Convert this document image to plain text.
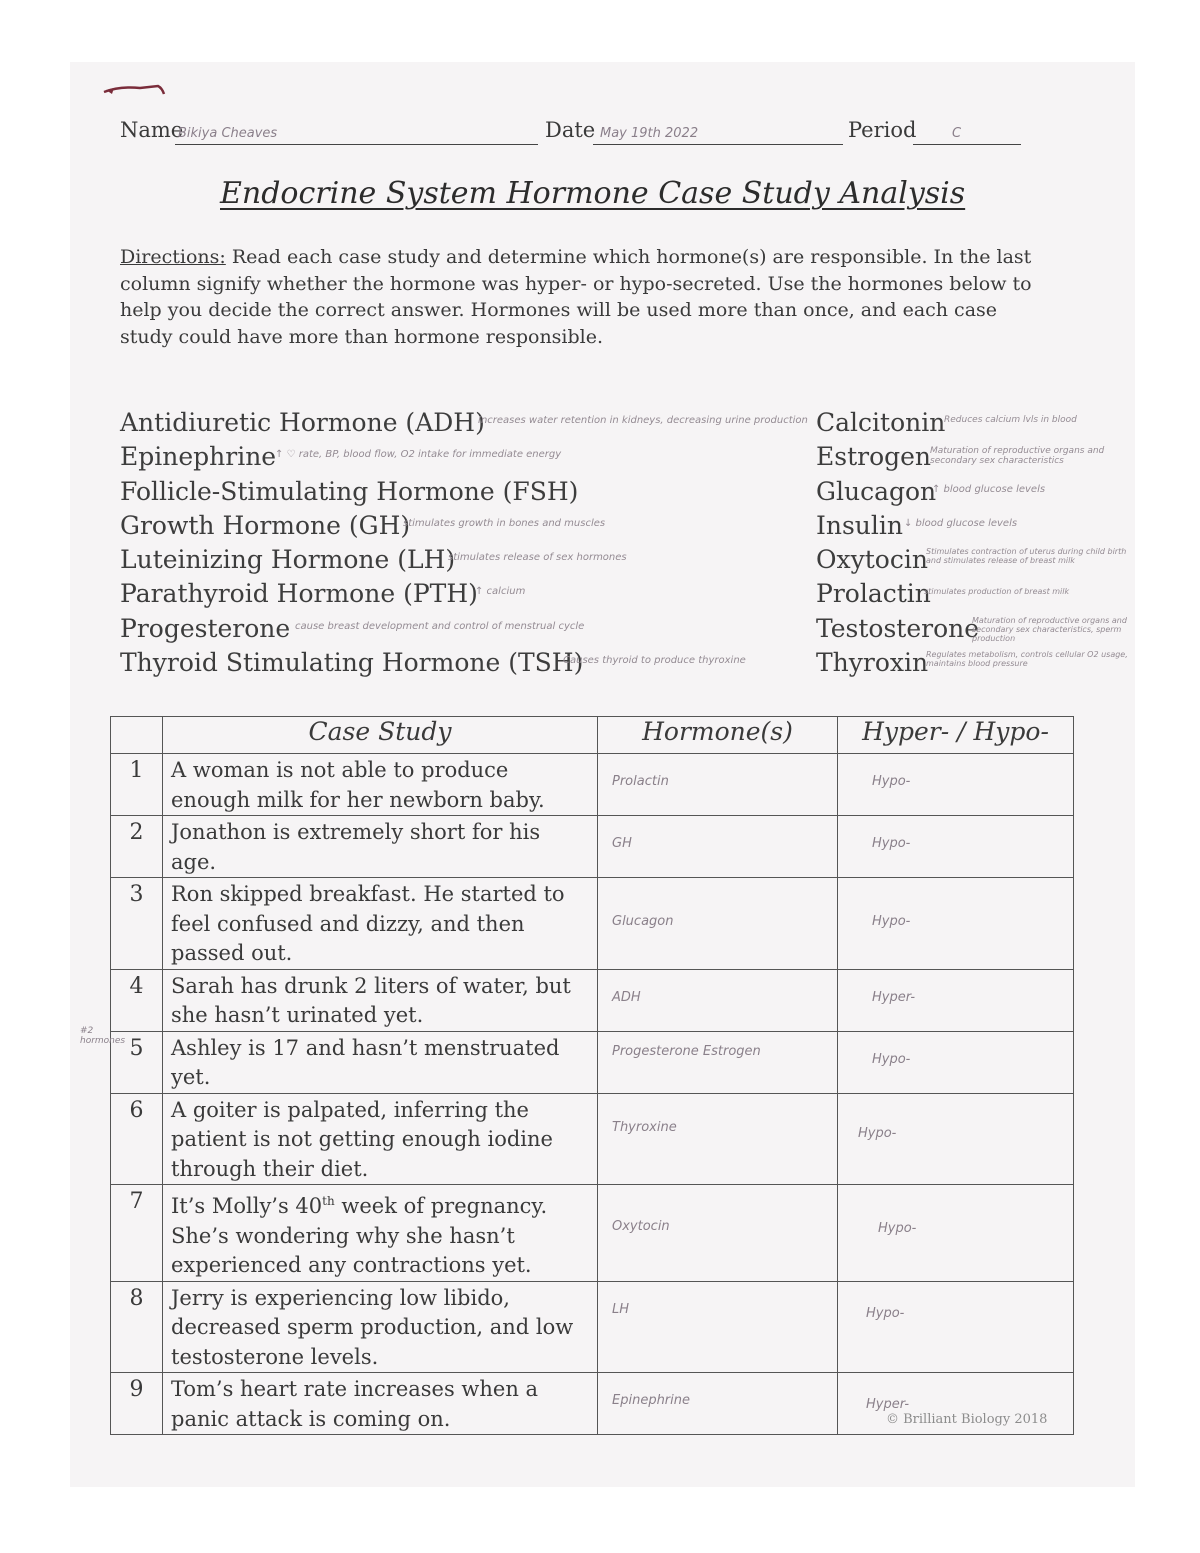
Name
Bikiya Cheaves	Date May 19th 2022	Period	C
Endocrine System Hormone Case Study Analysis
Directions: Read each case study and determine which hormone(s) are responsible. In the last column signify whether the hormone was hyper- or hypo-secreted. Use the hormones below to help you decide the correct answer. Hormones will be used more than once, and each case study could have more than hormone responsible.
Antidiuretic Hormone (ADH)
Increases water retention in kidneys, decreasing urine production
Epinephrine
↑ ♡ rate, BP, blood flow, O2 intake for immediate energy
Follicle-Stimulating Hormone (FSH)
Growth Hormone (GH)
stimulates growth in bones and muscles
Luteinizing Hormone (LH)
stimulates release of sex hormones
Parathyroid Hormone (PTH)
↑ calcium
Progesterone cause breast development and control of menstrual cycle
Thyroid Stimulating Hormone (TSH)
Causes thyroid to produce thyroxine
Calcitonin
Reduces calcium lvls in blood
Estrogen
Maturation of reproductive organs and secondary sex characteristics
Glucagon
↑ blood glucose levels
Insulin ↓ blood glucose levels
Oxytocin
Stimulates contraction of uterus during child birth and stimulates release of breast milk
Prolactin
stimulates production of breast milk
Testosterone
Maturation of reproductive organs and secondary sex characteristics, sperm production
Thyroxin
Regulates metabolism, controls cellular O2 usage, maintains blood pressure
	Case Study	Hormone(s)	Hyper- / Hypo-
1	A woman is not able to produce enough milk for her newborn baby.	Prolactin	Hypo-
2	Jonathon is extremely short for his age.	GH	Hypo-
3	Ron skipped breakfast. He started to feel confused and dizzy, and then passed out.	Glucagon	Hypo-
4	Sarah has drunk 2 liters of water, but she hasn’t urinated yet.	ADH	Hyper-
5	Ashley is 17 and hasn’t menstruated yet.	Progesterone Estrogen	Hypo-
6	A goiter is palpated, inferring the patient is not getting enough iodine through their diet.	Thyroxine	Hypo-
7	It’s Molly’s 40th week of pregnancy. She’s wondering why she hasn’t experienced any contractions yet.	Oxytocin	Hypo-
8	Jerry is experiencing low libido, decreased sperm production, and low testosterone levels.	LH	Hypo-
9	Tom’s heart rate increases when a panic attack is coming on.	Epinephrine	Hyper-
#2 hormones
© Brilliant Biology 2018
